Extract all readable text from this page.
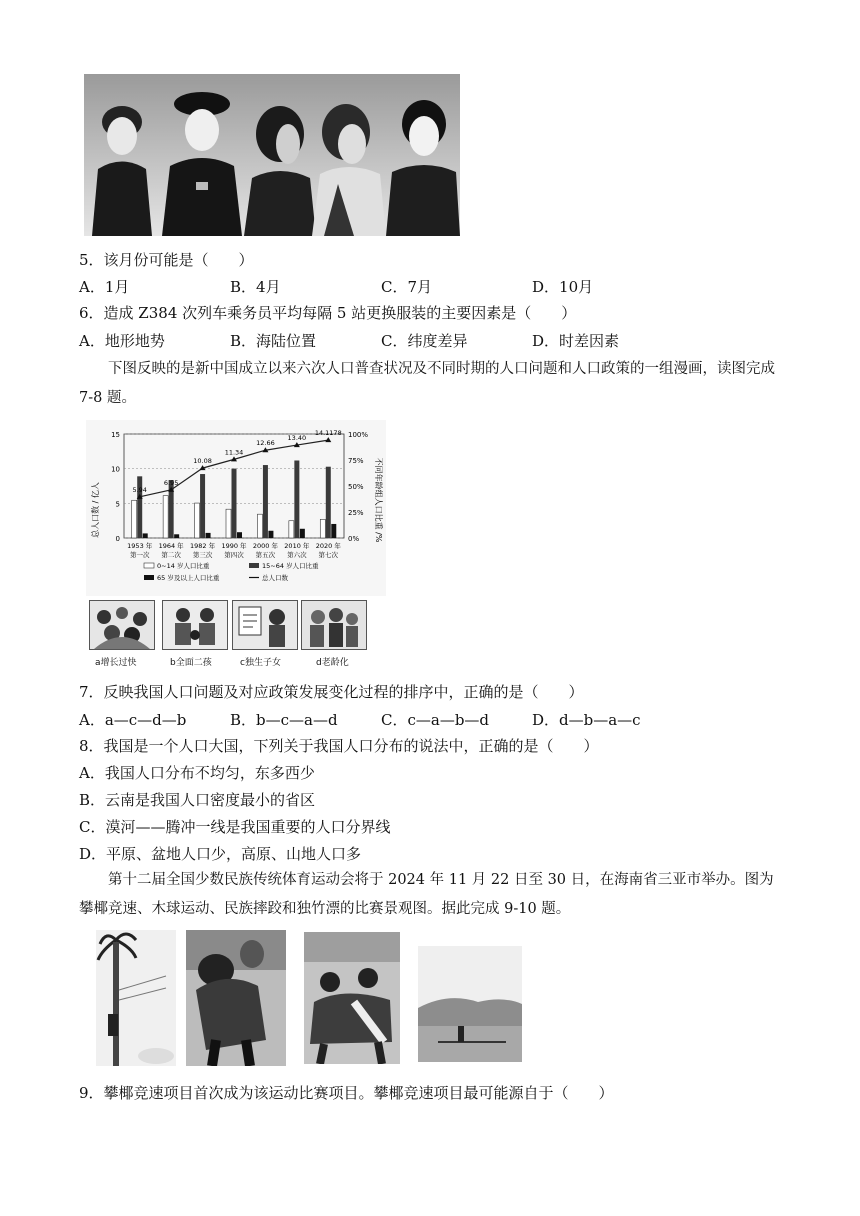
5．该月份可能是（　　）
A．1月	B．4月	C．7月	D．10月
6．造成 Z384 次列车乘务员平均每隔 5 站更换服装的主要因素是（　　）
A．地形地势	B．海陆位置	C．纬度差异	D．时差因素
下图反映的是新中国成立以来六次人口普查状况及不同时期的人口问题和人口政策的一组漫画，读图完成 7-8 题。
总人口数 / 亿人	不同年龄组人口比重 /%
0
5
10
15
0%
25%
50%
75%
100%
1953 年
第一次
1964 年
第二次
1982 年
第三次
1990 年
第四次
2000 年
第五次
2010 年
第六次
2020 年
第七次
5.94
6.95
10.08
11.34
12.66
13.40
14.1178
0~14 岁人口比重	15~64 岁人口比重
65 岁及以上人口比重	总人口数
a增长过快	b全面二孩	c独生子女	d老龄化
7．反映我国人口问题及对应政策发展变化过程的排序中，正确的是（　　）
A．a—c—d—b	B．b—c—a—d	C．c—a—b—d	D．d—b—a—c
8．我国是一个人口大国，下列关于我国人口分布的说法中，正确的是（　　）
A．我国人口分布不均匀，东多西少
B．云南是我国人口密度最小的省区
C．漠河——腾冲一线是我国重要的人口分界线
D．平原、盆地人口少，高原、山地人口多
第十二届全国少数民族传统体育运动会将于 2024 年 11 月 22 日至 30 日，在海南省三亚市举办。图为攀椰竞速、木球运动、民族摔跤和独竹漂的比赛景观图。据此完成 9-10 题。
9．攀椰竞速项目首次成为该运动比赛项目。攀椰竞速项目最可能源自于（　　）
